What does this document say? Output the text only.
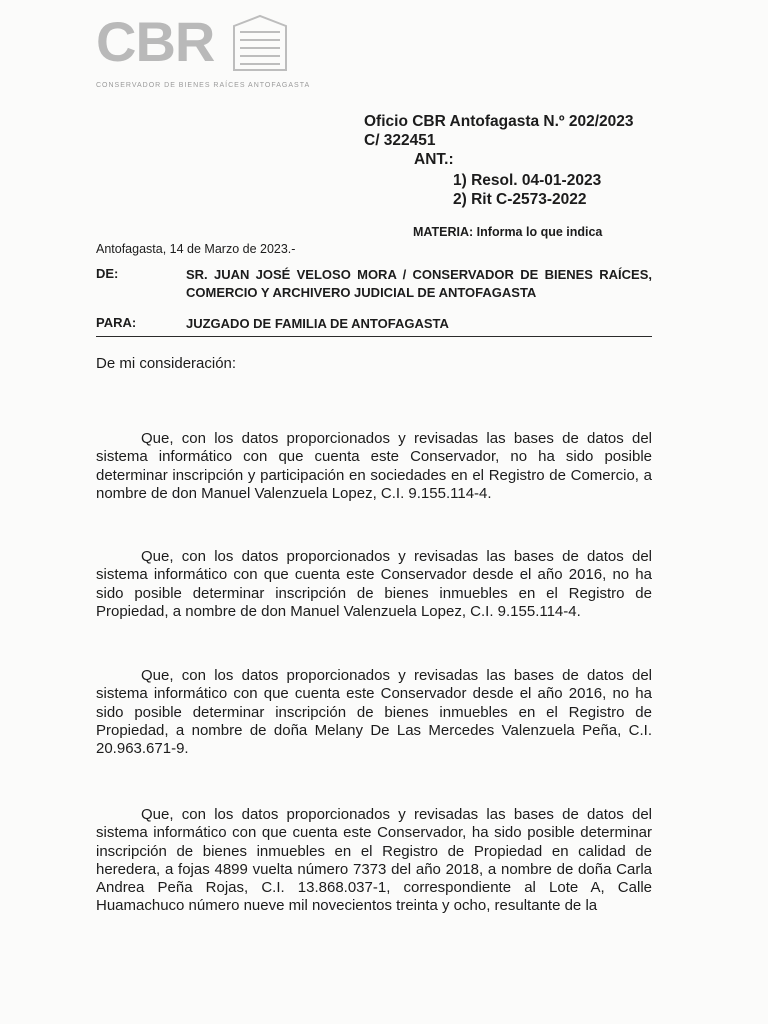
CBR
CONSERVADOR DE BIENES RAÍCES ANTOFAGASTA
Oficio CBR Antofagasta N.º 202/2023
C/ 322451
ANT.:
1) Resol. 04-01-2023
2) Rit C-2573-2022
MATERIA: Informa lo que indica
Antofagasta, 14 de Marzo de 2023.-
DE:	SR. JUAN JOSÉ VELOSO MORA / CONSERVADOR DE BIENES RAÍCES, COMERCIO Y ARCHIVERO JUDICIAL DE ANTOFAGASTA
PARA:	JUZGADO DE FAMILIA DE ANTOFAGASTA
De mi consideración:

Que, con los datos proporcionados y revisadas las bases de datos del sistema informático con que cuenta este Conservador, no ha sido posible determinar inscripción y participación en sociedades en el Registro de Comercio, a nombre de don Manuel Valenzuela Lopez, C.I. 9.155.114-4.

Que, con los datos proporcionados y revisadas las bases de datos del sistema informático con que cuenta este Conservador desde el año 2016, no ha sido posible determinar inscripción de bienes inmuebles en el Registro de Propiedad, a nombre de don Manuel Valenzuela Lopez, C.I. 9.155.114-4.

Que, con los datos proporcionados y revisadas las bases de datos del sistema informático con que cuenta este Conservador desde el año 2016, no ha sido posible determinar inscripción de bienes inmuebles en el Registro de Propiedad, a nombre de doña Melany De Las Mercedes Valenzuela Peña, C.I. 20.963.671-9.

Que, con los datos proporcionados y revisadas las bases de datos del sistema informático con que cuenta este Conservador, ha sido posible determinar inscripción de bienes inmuebles en el Registro de Propiedad en calidad de heredera, a fojas 4899 vuelta número 7373 del año 2018, a nombre de doña Carla Andrea Peña Rojas, C.I. 13.868.037-1, correspondiente al Lote A, Calle Huamachuco número nueve mil novecientos treinta y ocho, resultante de la
